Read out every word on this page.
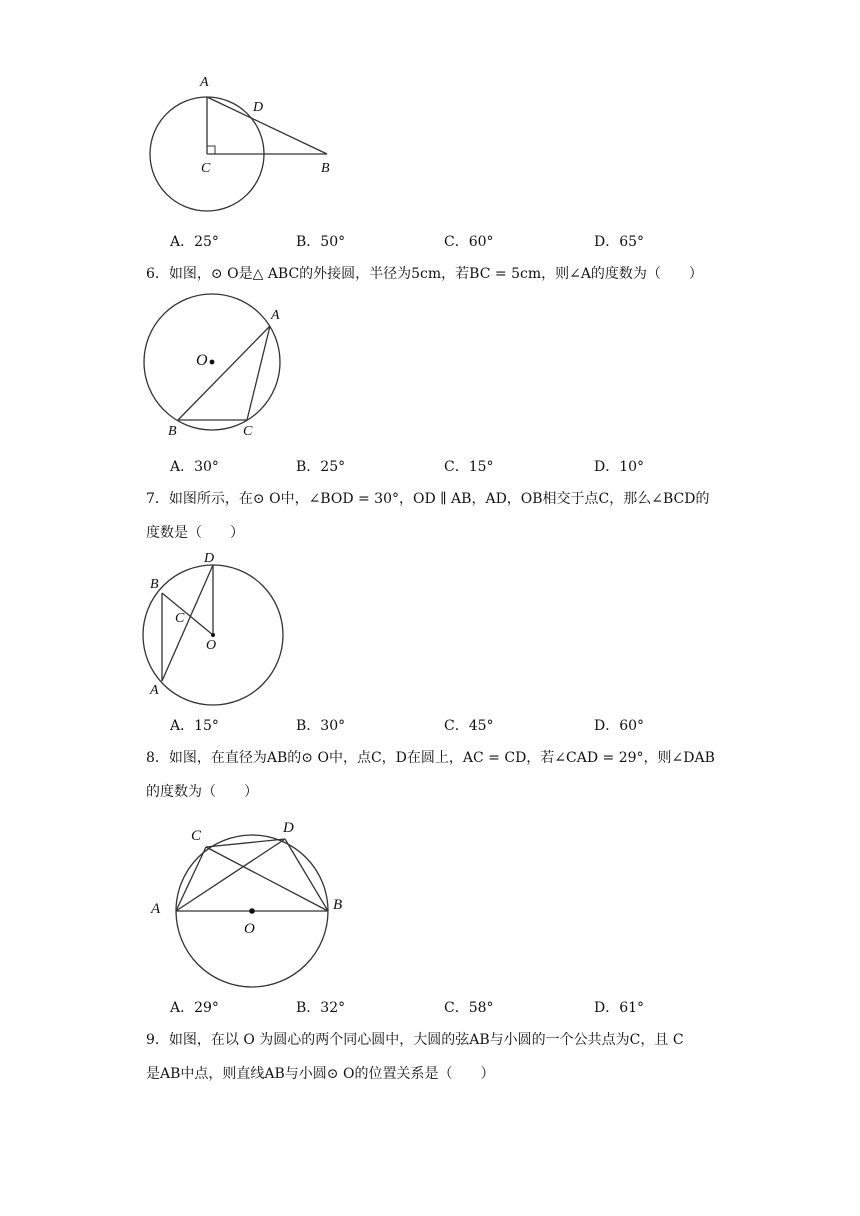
A
D
C	B
A．25°	B．50°	C．60°	D．65°
6．如图，⊙ O是△ ABC的外接圆，半径为5cm，若BC = 5cm，则∠A的度数为（　　）
A
O
B	C
A．30°	B．25°	C．15°	D．10°
7．如图所示，在⊙ O中，∠BOD = 30°，OD ∥ AB，AD，OB相交于点C，那么∠BCD的
度数是（　　）
D
B
C
O
A
A．15°	B．30°	C．45°	D．60°
8．如图，在直径为AB的⊙ O中，点C，D在圆上，AC = CD，若∠CAD = 29°，则∠DAB
的度数为（　　）
C	D
A	B
O
A．29°	B．32°	C．58°	D．61°
9．如图，在以 O 为圆心的两个同心圆中，大圆的弦AB与小圆的一个公共点为C，且 C
是AB中点，则直线AB与小圆⊙ O的位置关系是（　　）
